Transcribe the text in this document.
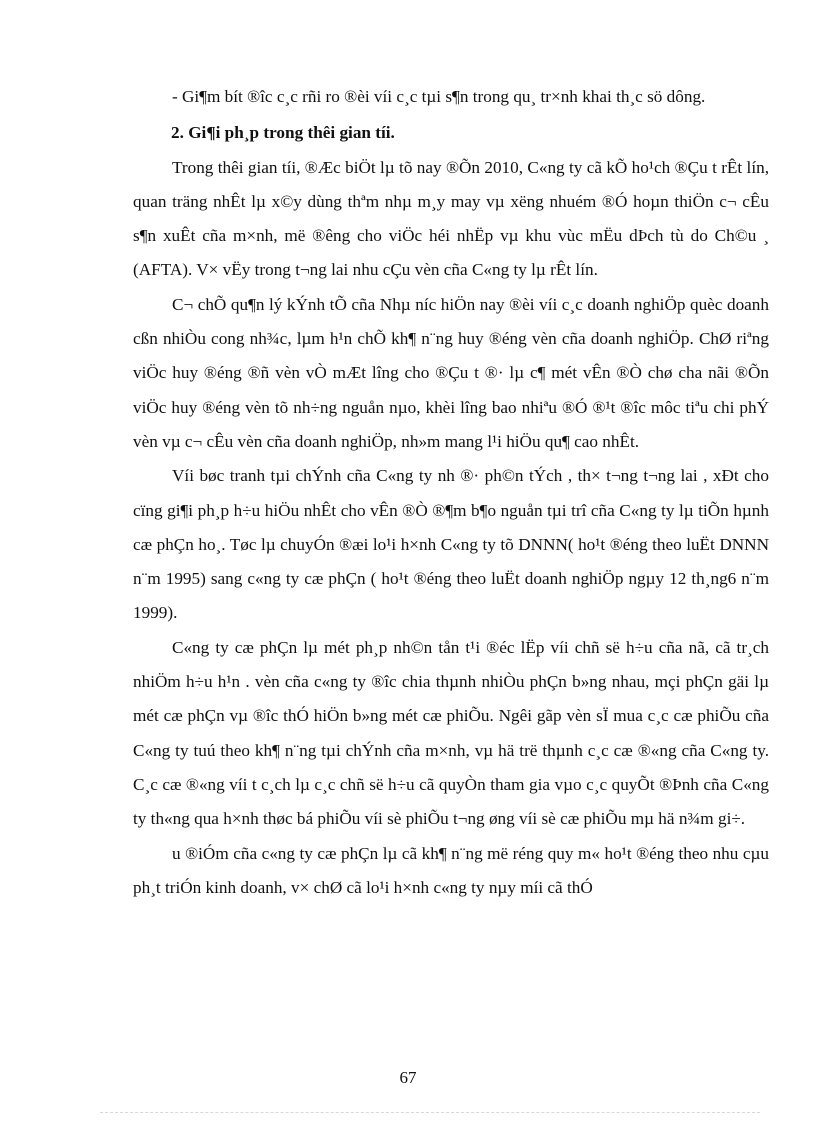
- Gi¶m bít ®îc c¸c rñi ro ®èi víi c¸c tµi s¶n trong qu¸ tr×nh khai th¸c sö dông.

2. Gi¶i ph¸p trong thêi gian tíi.

Trong thêi gian tíi, ®Æc biÖt lµ tõ nay ®Õn 2010, C«ng ty cã kÕ ho¹ch ®Çu t rÊt lín, quan träng nhÊt lµ x©y dùng thªm nhµ m¸y may vµ xëng nhuém ®Ó hoµn thiÖn c¬ cÊu s¶n xuÊt cña m×nh, më ®êng cho viÖc héi nhËp vµ khu vùc mËu dÞch tù do Ch©u ¸ (AFTA). V× vËy trong t¬ng lai nhu cÇu vèn cña C«ng ty lµ rÊt lín.

C¬ chÕ qu¶n lý kÝnh tÕ cña Nhµ níc hiÖn nay ®èi víi c¸c doanh nghiÖp quèc doanh cßn nhiÒu cong nh¾c, lµm h¹n chÕ kh¶ n¨ng huy ®éng vèn cña doanh nghiÖp. ChØ riªng viÖc huy ®éng ®ñ vèn vÒ mÆt lîng cho ®Çu t ®· lµ c¶ mét vÊn ®Ò chø cha nãi ®Õn viÖc huy ®éng vèn tõ nh÷ng nguån nµo, khèi lîng bao nhiªu ®Ó ®¹t ®îc môc tiªu chi phÝ vèn vµ c¬ cÊu vèn cña doanh nghiÖp, nh»m mang l¹i hiÖu qu¶ cao nhÊt.

Víi bøc tranh tµi chÝnh cña C«ng ty nh ®· ph©n tÝch , th× t¬ng t¬ng lai , xÐt cho cïng gi¶i ph¸p h÷u hiÖu nhÊt cho vÊn ®Ò ®¶m b¶o nguån tµi trî cña C«ng ty lµ tiÕn hµnh cæ phÇn ho¸. Tøc lµ chuyÓn ®æi lo¹i h×nh C«ng ty tõ DNNN( ho¹t ®éng theo luËt DNNN n¨m 1995) sang c«ng ty cæ phÇn ( ho¹t ®éng theo luËt doanh nghiÖp ngµy 12 th¸ng6 n¨m 1999).

C«ng ty cæ phÇn lµ mét ph¸p nh©n tån t¹i ®éc lËp víi chñ së h÷u cña nã, cã tr¸ch nhiÖm h÷u h¹n . vèn cña c«ng ty ®îc chia thµnh nhiÒu phÇn b»ng nhau, mçi phÇn gäi lµ mét cæ phÇn vµ ®îc thÓ hiÖn b»ng mét cæ phiÕu. Ngêi gãp vèn sÏ mua c¸c cæ phiÕu cña C«ng ty tuú theo kh¶ n¨ng tµi chÝnh cña m×nh, vµ hä trë thµnh c¸c cæ ®«ng cña C«ng ty. C¸c cæ ®«ng víi t c¸ch lµ c¸c chñ së h÷u cã quyÒn tham gia vµo c¸c quyÕt ®Þnh cña C«ng ty th«ng qua h×nh thøc bá phiÕu víi sè phiÕu t¬ng øng víi sè cæ phiÕu mµ hä n¾m gi÷.

u ®iÓm cña c«ng ty cæ phÇn lµ cã kh¶ n¨ng më réng quy m« ho¹t ®éng theo nhu cµu ph¸t triÓn kinh doanh, v× chØ cã lo¹i h×nh c«ng ty nµy míi cã thÓ

67
